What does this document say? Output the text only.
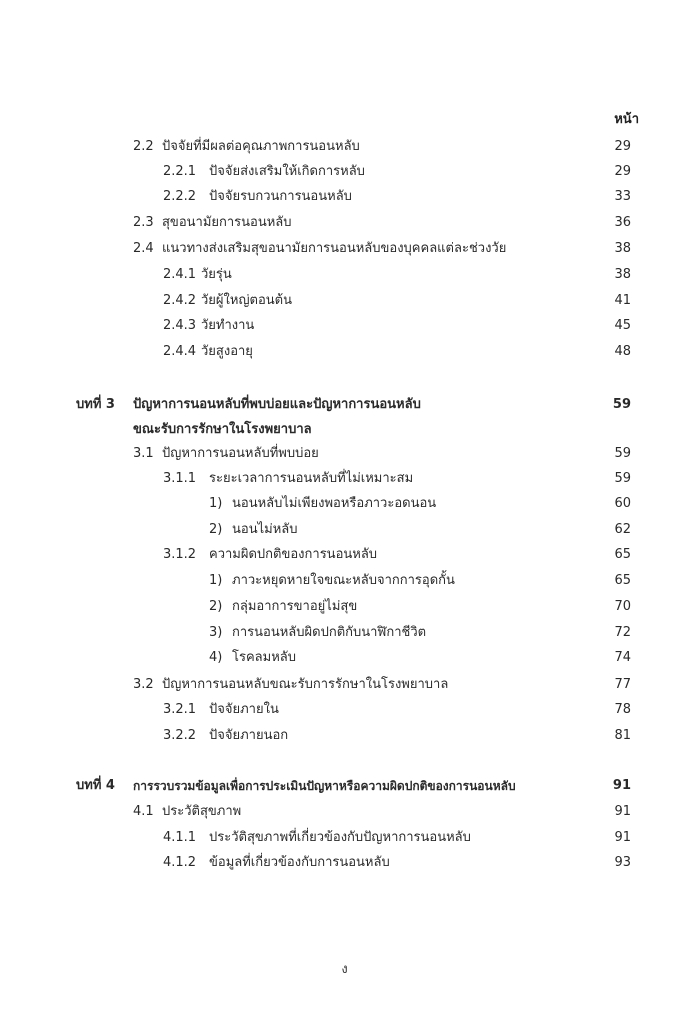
หน้า
2.2 ปัจจัยที่มีผลต่อคุณภาพการนอนหลับ	29
2.2.1 ปัจจัยส่งเสริมให้เกิดการหลับ	29
2.2.2 ปัจจัยรบกวนการนอนหลับ	33
2.3 สุขอนามัยการนอนหลับ	36
2.4 แนวทางส่งเสริมสุขอนามัยการนอนหลับของบุคคลแต่ละช่วงวัย	38
2.4.1 วัยรุ่น	38
2.4.2 วัยผู้ใหญ่ตอนต้น	41
2.4.3 วัยทำงาน	45
2.4.4 วัยสูงอายุ	48
บทที่ 3 ปัญหาการนอนหลับที่พบบ่อยและปัญหาการนอนหลับ	59
ขณะรับการรักษาในโรงพยาบาล
3.1 ปัญหาการนอนหลับที่พบบ่อย	59
3.1.1 ระยะเวลาการนอนหลับที่ไม่เหมาะสม	59
1) นอนหลับไม่เพียงพอหรือภาวะอดนอน	60
2) นอนไม่หลับ	62
3.1.2 ความผิดปกติของการนอนหลับ	65
1) ภาวะหยุดหายใจขณะหลับจากการอุดกั้น	65
2) กลุ่มอาการขาอยู่ไม่สุข	70
3) การนอนหลับผิดปกติกับนาฬิกาชีวิต	72
4) โรคลมหลับ	74
3.2 ปัญหาการนอนหลับขณะรับการรักษาในโรงพยาบาล	77
3.2.1 ปัจจัยภายใน	78
3.2.2 ปัจจัยภายนอก	81
บทที่ 4 การรวบรวมข้อมูลเพื่อการประเมินปัญหาหรือความผิดปกติของการนอนหลับ	91
4.1 ประวัติสุขภาพ	91
4.1.1 ประวัติสุขภาพที่เกี่ยวข้องกับปัญหาการนอนหลับ	91
4.1.2 ข้อมูลที่เกี่ยวข้องกับการนอนหลับ	93
ง
